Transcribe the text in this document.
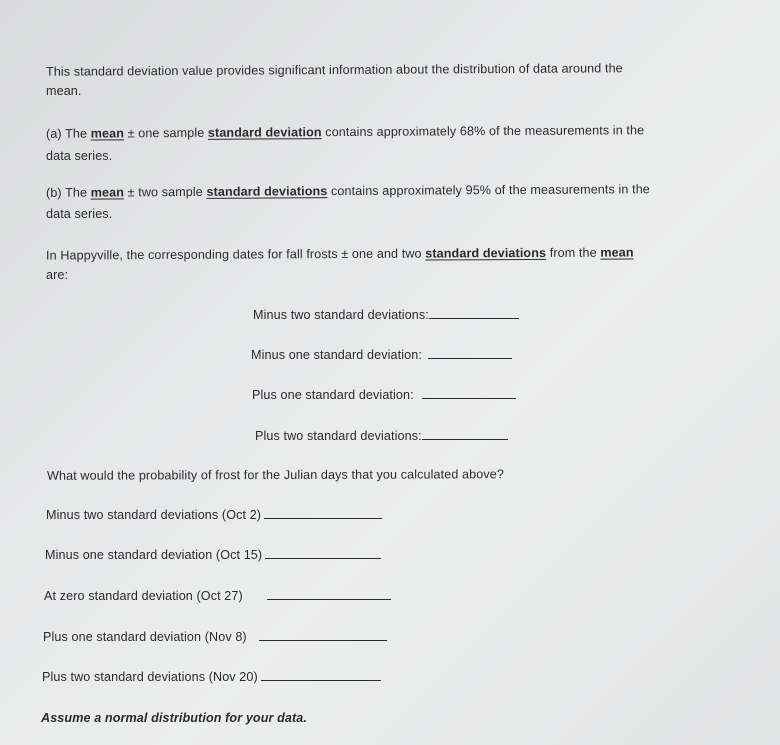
This standard deviation value provides significant information about the distribution of data around the
mean.
(a) The mean ± one sample standard deviation contains approximately 68% of the measurements in the
data series.
(b) The mean ± two sample standard deviations contains approximately 95% of the measurements in the
data series.
In Happyville, the corresponding dates for fall frosts ± one and two standard deviations from the mean
are:
Minus two standard deviations:
Minus one standard deviation:
Plus one standard deviation:
Plus two standard deviations:
What would the probability of frost for the Julian days that you calculated above?
Minus two standard deviations (Oct 2)
Minus one standard deviation (Oct 15)
At zero standard deviation (Oct 27)
Plus one standard deviation (Nov 8)
Plus two standard deviations (Nov 20)
Assume a normal distribution for your data.
